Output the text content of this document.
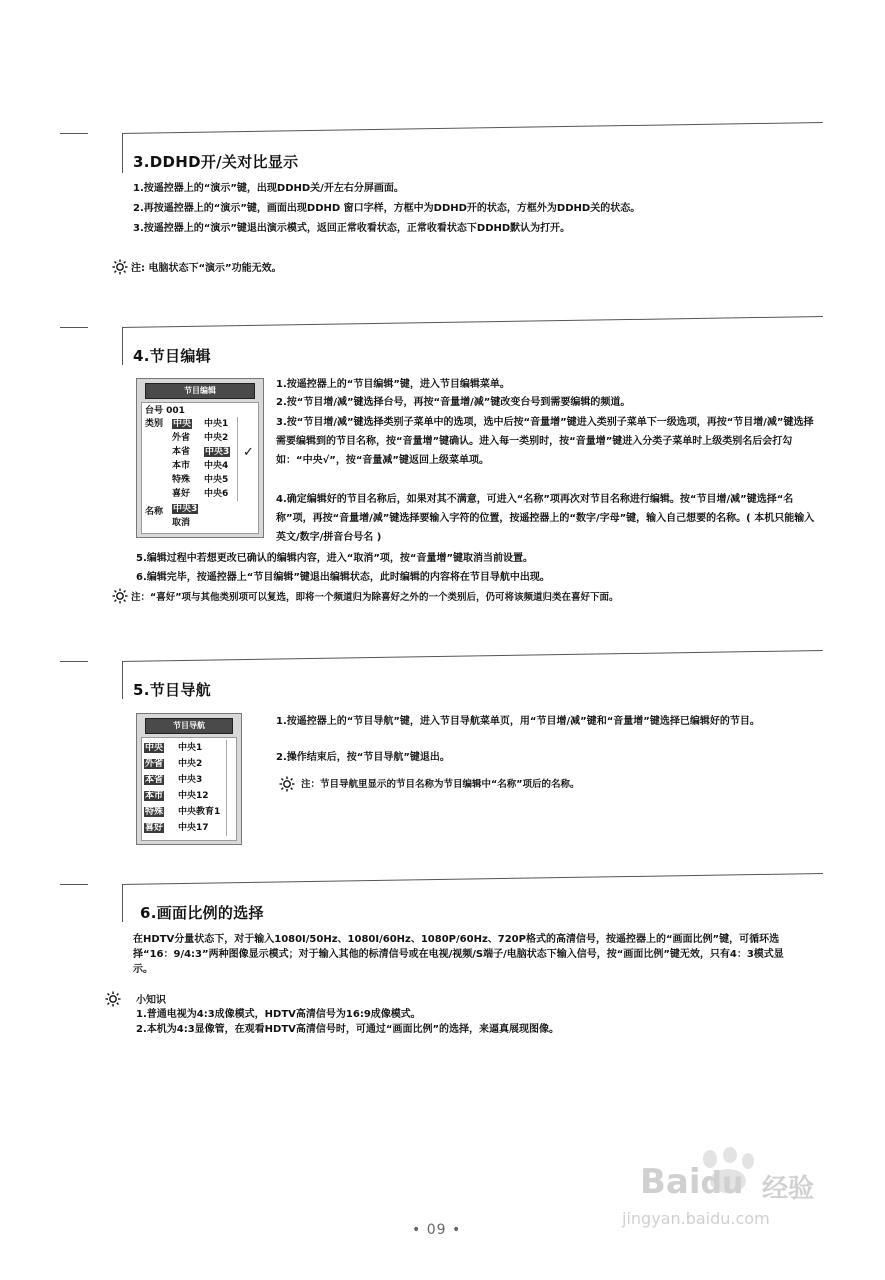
3.DDHD开/关对比显示
1.按遥控器上的“演示”键，出现DDHD关/开左右分屏画面。
2.再按遥控器上的“演示”键，画面出现DDHD 窗口字样，方框中为DDHD开的状态，方框外为DDHD关的状态。
3.按遥控器上的“演示”键退出演示模式，返回正常收看状态，正常收看状态下DDHD默认为打开。
注: 电脑状态下“演示”功能无效。
4.节目编辑
节目编辑
台号 001
类别 中央
外省
本省
本市
特殊
喜好
中央1
中央2
中央3
中央4
中央5
中央6
✓
名称 中央3
取消
1.按遥控器上的“节目编辑”键，进入节目编辑菜单。
2.按“节目增/减”键选择台号，再按“音量增/减”键改变台号到需要编辑的频道。
3.按“节目增/减”键选择类别子菜单中的选项，选中后按“音量增”键进入类别子菜单下一级选项，再按“节目增/减”键选择需要编辑到的节目名称，按“音量增”键确认。进入每一类别时，按“音量增”键进入分类子菜单时上级类别名后会打勾如：“中央√”，按“音量减”键返回上级菜单项。
4.确定编辑好的节目名称后，如果对其不满意，可进入“名称”项再次对节目名称进行编辑。按“节目增/减”键选择“名称”项，再按“音量增/减”键选择要输入字符的位置，按遥控器上的“数字/字母”键，输入自己想要的名称。( 本机只能输入英文/数字/拼音台号名 )
5.编辑过程中若想更改已确认的编辑内容，进入“取消”项，按“音量增”键取消当前设置。
6.编辑完毕，按遥控器上“节目编辑”键退出编辑状态，此时编辑的内容将在节目导航中出现。
注：“喜好”项与其他类别项可以复选，即将一个频道归为除喜好之外的一个类别后，仍可将该频道归类在喜好下面。
5.节目导航
节目导航
中央
外省
本省
本市
特殊
喜好
中央1
中央2
中央3
中央12
中央教育1
中央17
1.按遥控器上的“节目导航”键，进入节目导航菜单页，用“节目增/减”键和“音量增”键选择已编辑好的节目。
2.操作结束后，按“节目导航”键退出。
注：节目导航里显示的节目名称为节目编辑中“名称”项后的名称。
6.画面比例的选择
在HDTV分量状态下，对于输入1080I/50Hz、1080I/60Hz、1080P/60Hz、720P格式的高清信号，按遥控器上的“画面比例”键，可循环选择“16：9/4:3”两种图像显示模式；对于输入其他的标清信号或在电视/视频/S端子/电脑状态下输入信号，按“画面比例”键无效，只有4：3模式显示。
小知识
1.普通电视为4:3成像模式，HDTV高清信号为16:9成像模式。
2.本机为4:3显像管，在观看HDTV高清信号时，可通过“画面比例”的选择，来逼真展现图像。
Baidu 经验
jingyan.baidu.com
• 09 •
